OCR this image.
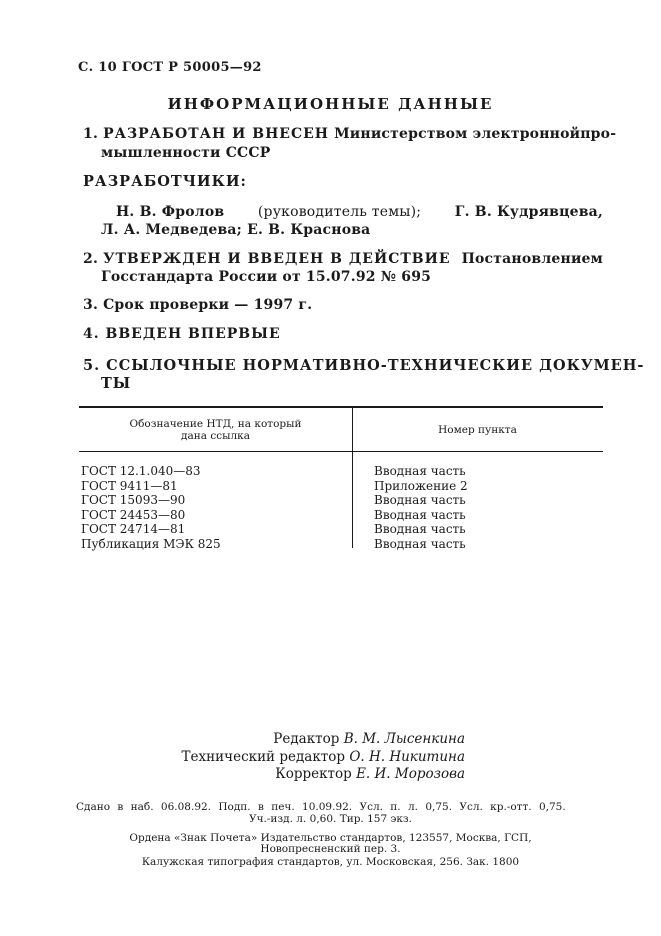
С. 10 ГОСТ Р 50005—92
ИНФОРМАЦИОННЫЕ ДАННЫЕ
1. РАЗРАБОТАН И ВНЕСЕН Министерством электронной про-
мышленности СССР
РАЗРАБОТЧИКИ:
Н. В. Фролов (руководитель темы); Г. В. Кудрявцева,
Л. А. Медведева; Е. В. Краснова
2. УТВЕРЖДЕН И ВВЕДЕН В ДЕЙСТВИЕ Постановлением
Госстандарта России от 15.07.92 № 695
3. Срок проверки — 1997 г.
4. ВВЕДЕН ВПЕРВЫЕ
5. ССЫЛОЧНЫЕ НОРМАТИВНО-ТЕХНИЧЕСКИЕ ДОКУМЕН-
ТЫ
Обозначение НТД, на который
дана ссылка	Номер пункта
ГОСТ 12.1.040—83
ГОСТ 9411—81
ГОСТ 15093—90
ГОСТ 24453—80
ГОСТ 24714—81
Публикация МЭК 825
Вводная часть
Приложение 2
Вводная часть
Вводная часть
Вводная часть
Вводная часть
Редактор В. М. Лысенкина
Технический редактор О. Н. Никитина
Корректор Е. И. Морозова
Сдано в наб. 06.08.92. Подп. в печ. 10.09.92. Усл. п. л. 0,75. Усл. кр.-отт. 0,75.
Уч.-изд. л. 0,60. Тир. 157 экз.
Ордена «Знак Почета» Издательство стандартов, 123557, Москва, ГСП,
Новопресненский пер. 3.
Калужская типография стандартов, ул. Московская, 256. Зак. 1800
